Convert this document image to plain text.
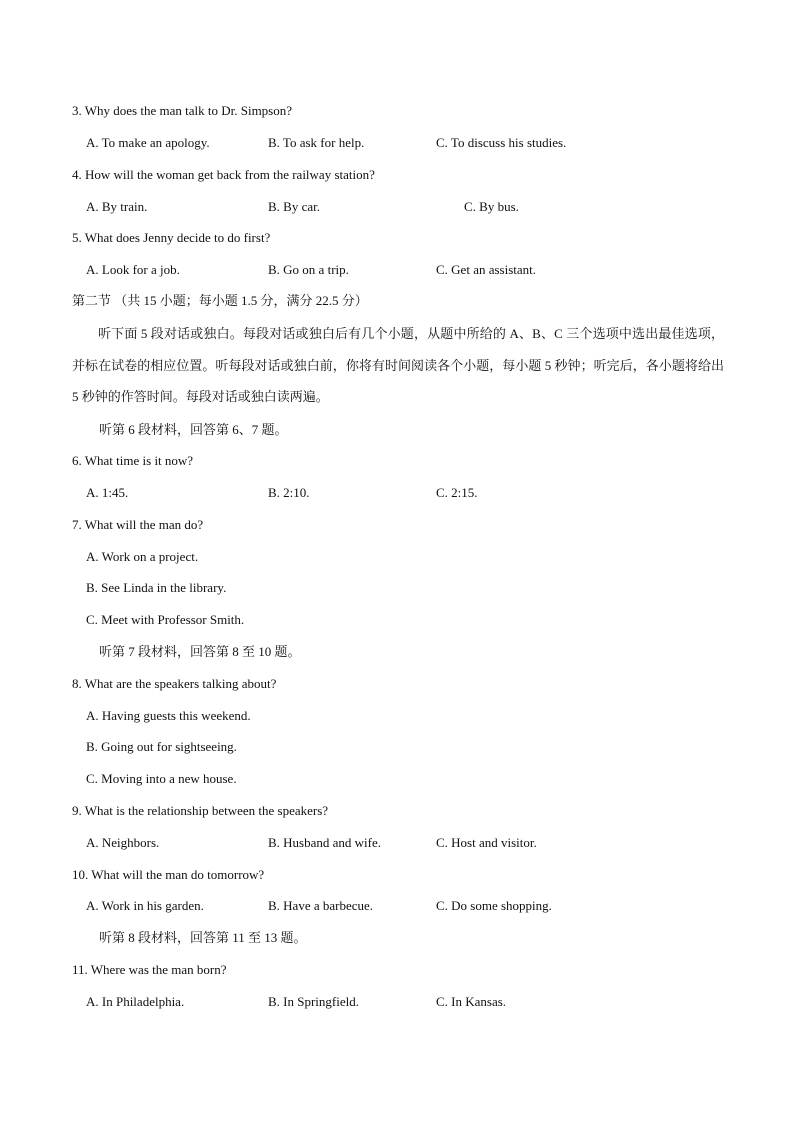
3. Why does the man talk to Dr. Simpson?
A. To make an apology.	B. To ask for help.	C. To discuss his studies.
4. How will the woman get back from the railway station?
A. By train.	B. By car.	C. By bus.
5. What does Jenny decide to do first?
A. Look for a job.	B. Go on a trip.	C. Get an assistant.
第二节 （共 15 小题；每小题 1.5 分，满分 22.5 分）
听下面 5 段对话或独白。每段对话或独白后有几个小题，从题中所给的 A、B、C 三个选项中选出最佳选项，并标在试卷的相应位置。听每段对话或独白前，你将有时间阅读各个小题，每小题 5 秒钟；听完后，各小题将给出 5 秒钟的作答时间。每段对话或独白读两遍。
听第 6 段材料，回答第 6、7 题。
6. What time is it now?
A. 1:45.	B. 2:10.	C. 2:15.
7. What will the man do?
A. Work on a project.
B. See Linda in the library.
C. Meet with Professor Smith.
听第 7 段材料，回答第 8 至 10 题。
8. What are the speakers talking about?
A. Having guests this weekend.
B. Going out for sightseeing.
C. Moving into a new house.
9. What is the relationship between the speakers?
A. Neighbors.	B. Husband and wife.	C. Host and visitor.
10. What will the man do tomorrow?
A. Work in his garden.	B. Have a barbecue.	C. Do some shopping.
听第 8 段材料，回答第 11 至 13 题。
11. Where was the man born?
A. In Philadelphia.	B. In Springfield.	C. In Kansas.
